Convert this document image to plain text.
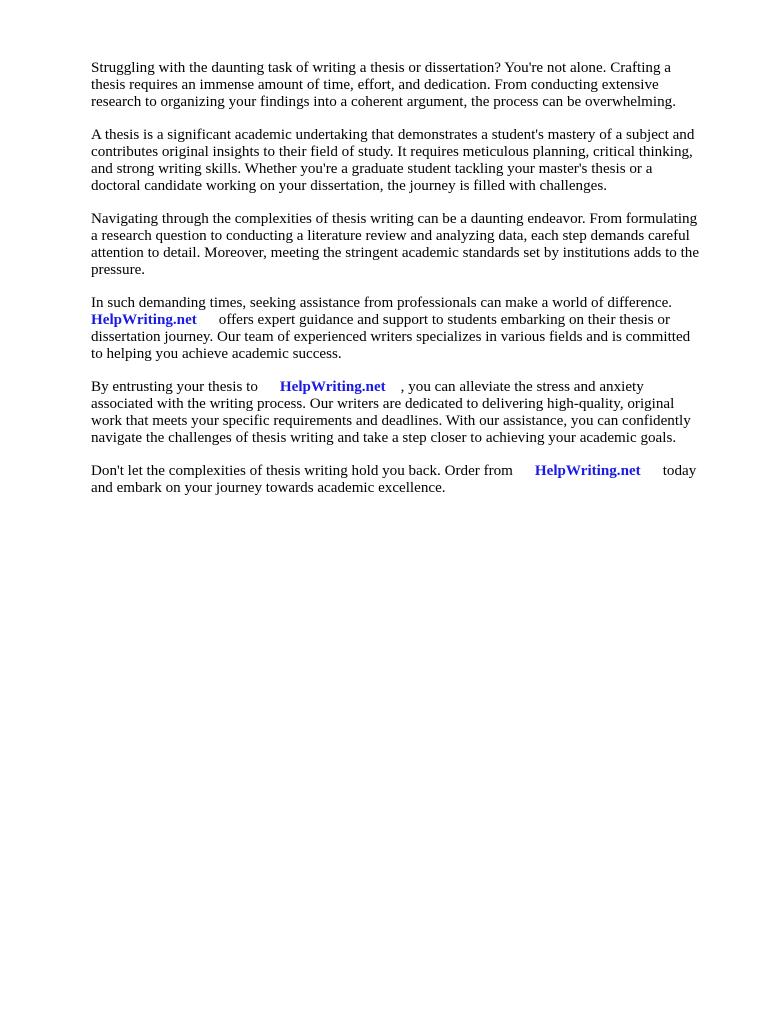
Struggling with the daunting task of writing a thesis or dissertation? You're not alone. Crafting a
thesis requires an immense amount of time, effort, and dedication. From conducting extensive
research to organizing your findings into a coherent argument, the process can be overwhelming.

A thesis is a significant academic undertaking that demonstrates a student's mastery of a subject and
contributes original insights to their field of study. It requires meticulous planning, critical thinking,
and strong writing skills. Whether you're a graduate student tackling your master's thesis or a
doctoral candidate working on your dissertation, the journey is filled with challenges.

Navigating through the complexities of thesis writing can be a daunting endeavor. From formulating
a research question to conducting a literature review and analyzing data, each step demands careful
attention to detail. Moreover, meeting the stringent academic standards set by institutions adds to the
pressure.

In such demanding times, seeking assistance from professionals can make a world of difference.
HelpWriting.net offers expert guidance and support to students embarking on their thesis or
dissertation journey. Our team of experienced writers specializes in various fields and is committed
to helping you achieve academic success.

By entrusting your thesis to HelpWriting.net , you can alleviate the stress and anxiety
associated with the writing process. Our writers are dedicated to delivering high-quality, original
work that meets your specific requirements and deadlines. With our assistance, you can confidently
navigate the challenges of thesis writing and take a step closer to achieving your academic goals.

Don't let the complexities of thesis writing hold you back. Order from HelpWriting.net today
and embark on your journey towards academic excellence.
